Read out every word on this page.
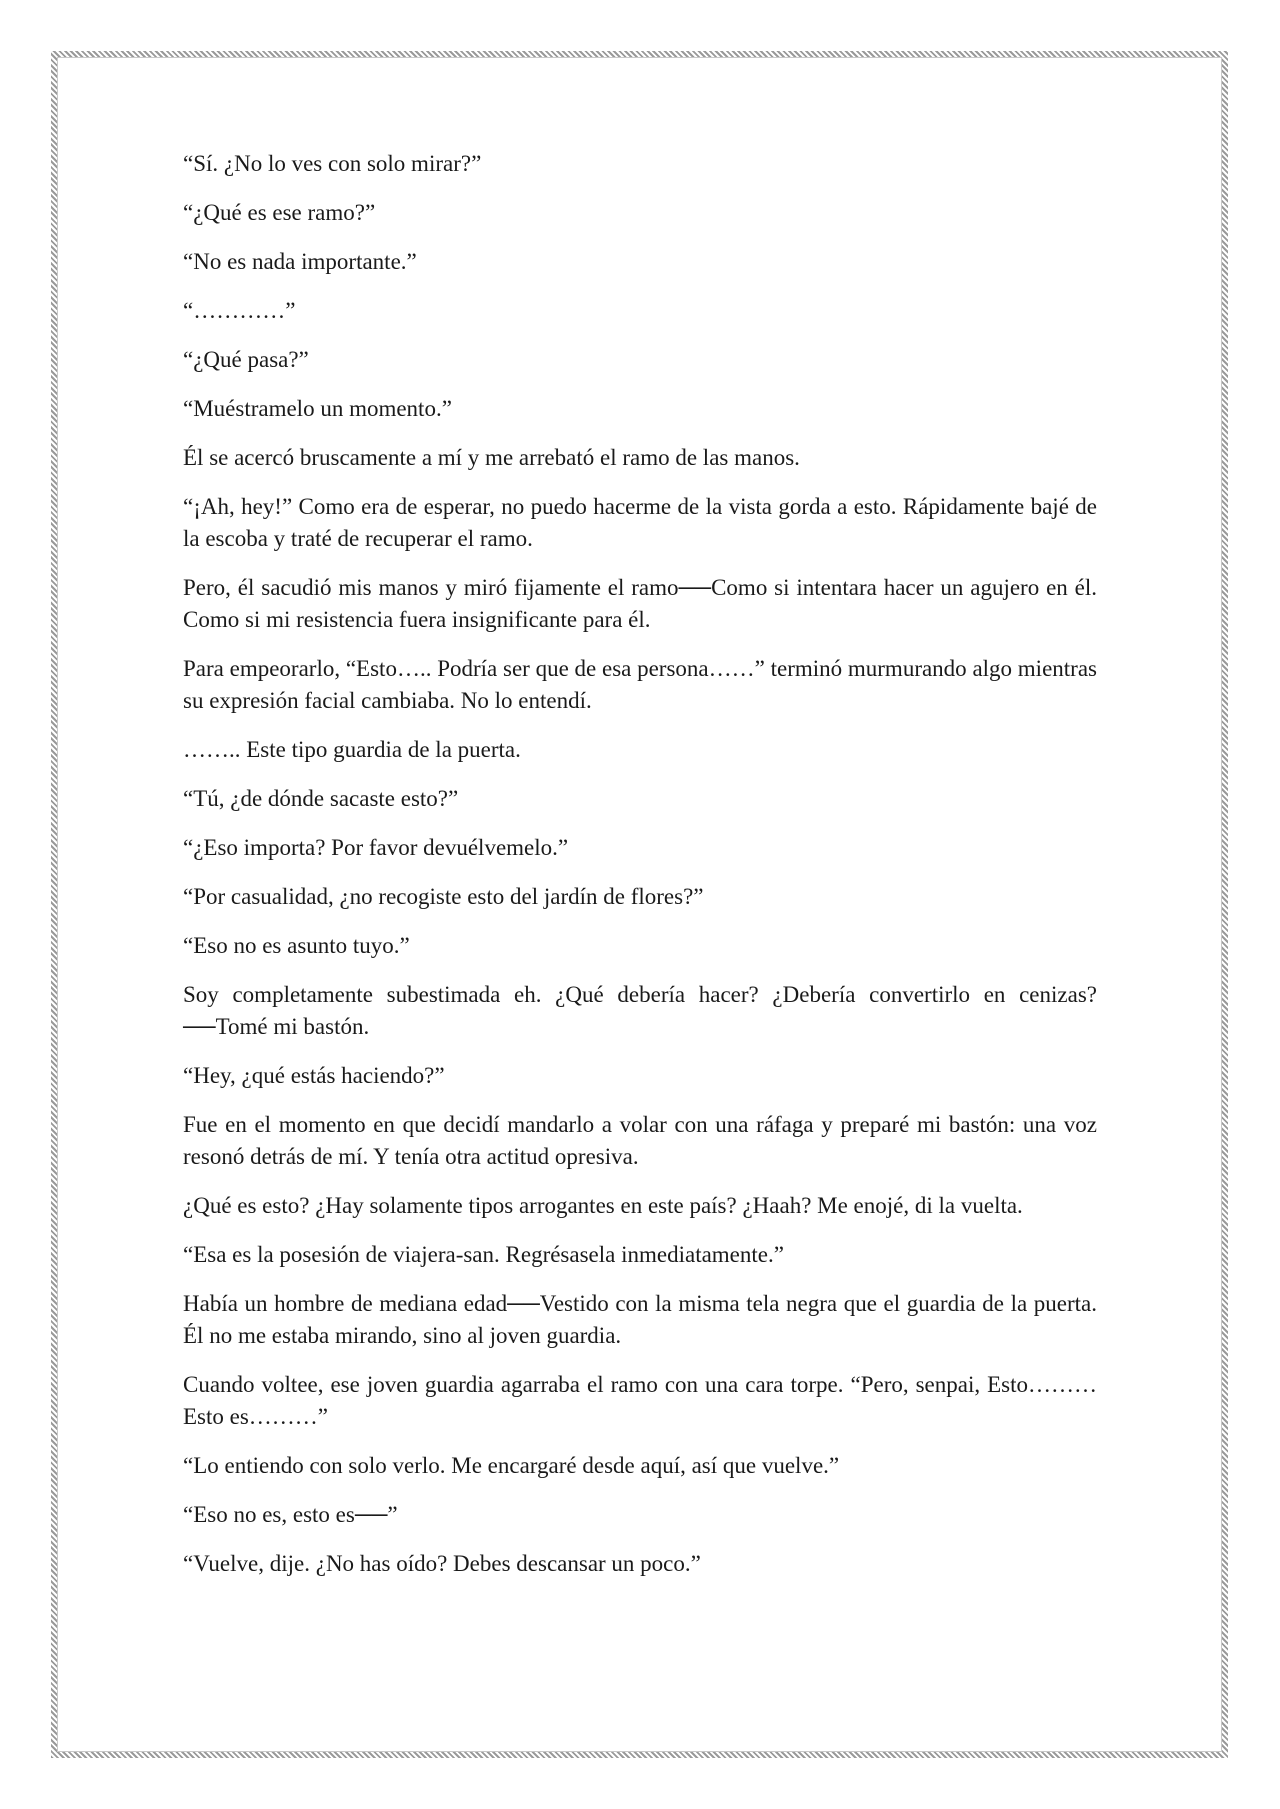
“Sí. ¿No lo ves con solo mirar?”

“¿Qué es ese ramo?”

“No es nada importante.”

“…………”

“¿Qué pasa?”

“Muéstramelo un momento.”

Él se acercó bruscamente a mí y me arrebató el ramo de las manos.

“¡Ah, hey!” Como era de esperar, no puedo hacerme de la vista gorda a esto. Rápidamente bajé de la escoba y traté de recuperar el ramo.

Pero, él sacudió mis manos y miró fijamente el ramo──Como si intentara hacer un agujero en él. Como si mi resistencia fuera insignificante para él.

Para empeorarlo, “Esto….. Podría ser que de esa persona……” terminó murmurando algo mientras su expresión facial cambiaba. No lo entendí.

…….. Este tipo guardia de la puerta.

“Tú, ¿de dónde sacaste esto?”

“¿Eso importa? Por favor devuélvemelo.”

“Por casualidad, ¿no recogiste esto del jardín de flores?”

“Eso no es asunto tuyo.”

Soy completamente subestimada eh. ¿Qué debería hacer? ¿Debería convertirlo en cenizas?──Tomé mi bastón.

“Hey, ¿qué estás haciendo?”

Fue en el momento en que decidí mandarlo a volar con una ráfaga y preparé mi bastón: una voz resonó detrás de mí. Y tenía otra actitud opresiva.

¿Qué es esto? ¿Hay solamente tipos arrogantes en este país? ¿Haah? Me enojé, di la vuelta.

“Esa es la posesión de viajera-san. Regrésasela inmediatamente.”

Había un hombre de mediana edad──Vestido con la misma tela negra que el guardia de la puerta. Él no me estaba mirando, sino al joven guardia.

Cuando voltee, ese joven guardia agarraba el ramo con una cara torpe. “Pero, senpai, Esto……… Esto es………”

“Lo entiendo con solo verlo. Me encargaré desde aquí, así que vuelve.”

“Eso no es, esto es──”

“Vuelve, dije. ¿No has oído? Debes descansar un poco.”
